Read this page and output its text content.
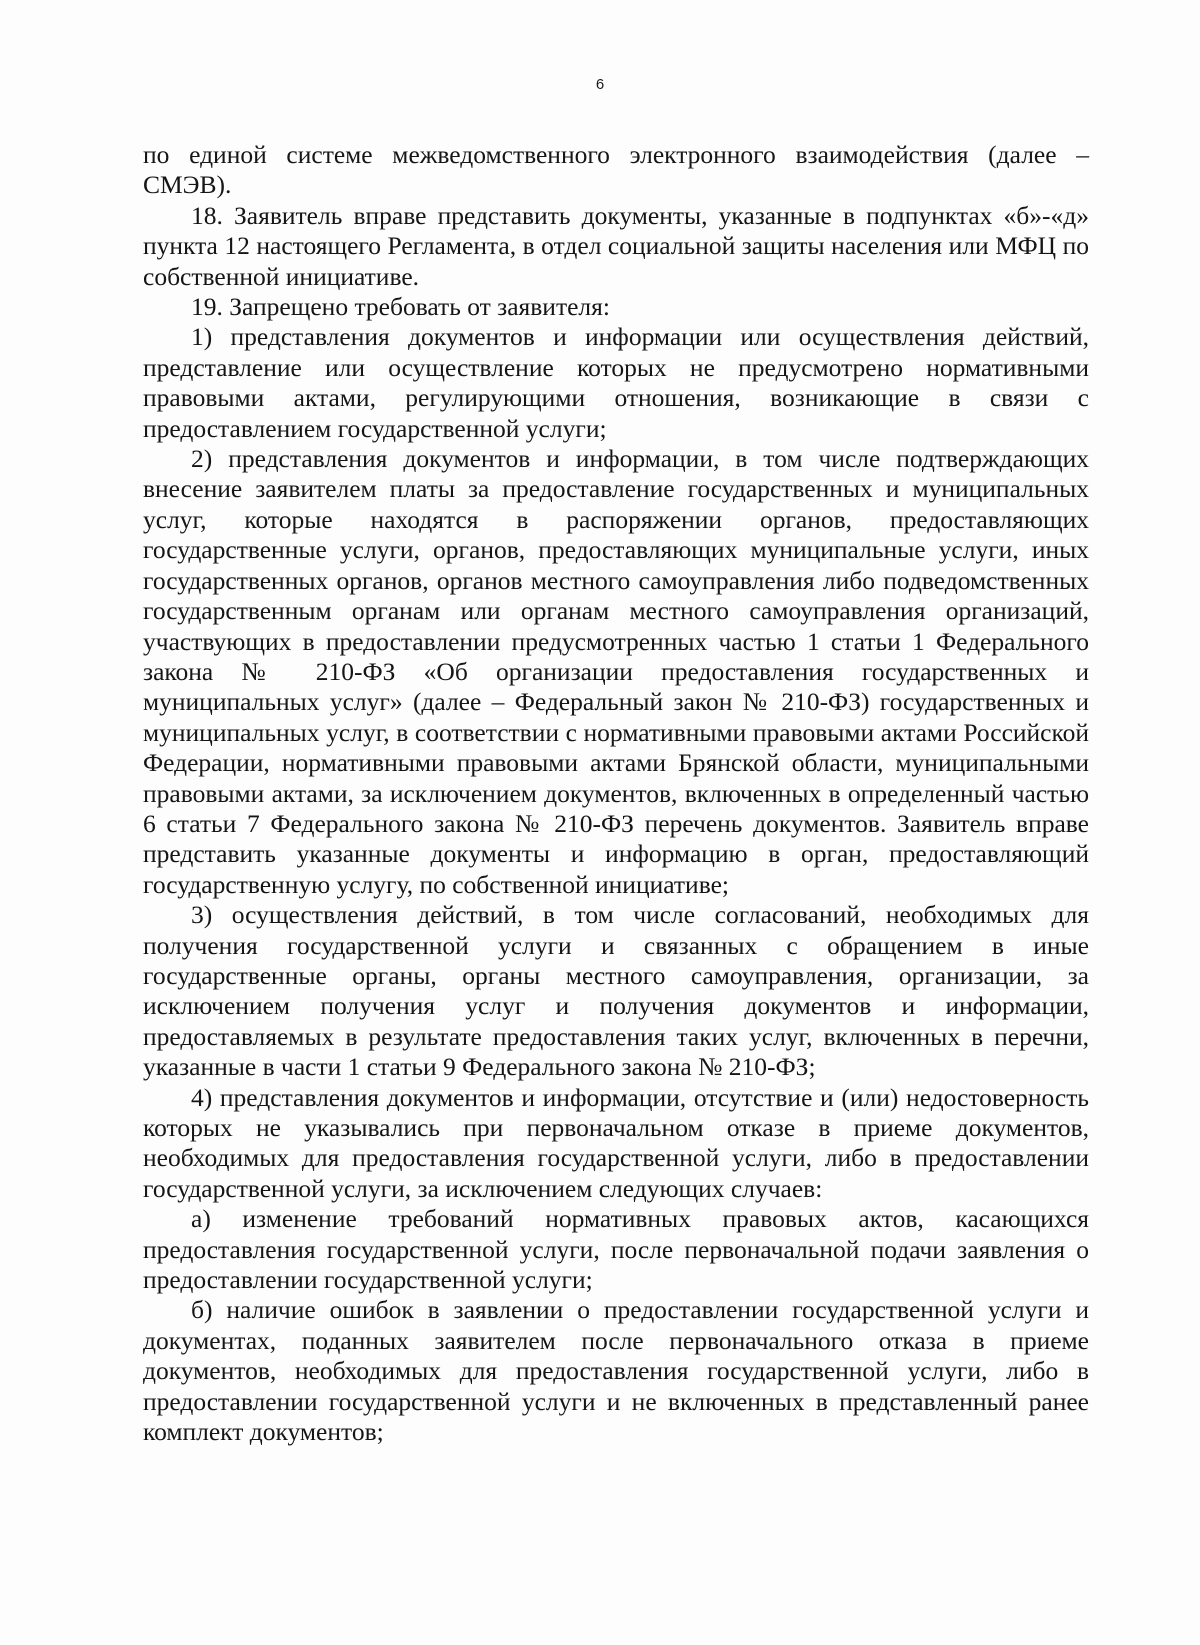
6

по единой системе межведомственного электронного взаимодействия (далее – СМЭВ).

18. Заявитель вправе представить документы, указанные в подпунктах «б»-«д» пункта 12 настоящего Регламента, в отдел социальной защиты населения или МФЦ по собственной инициативе.

19. Запрещено требовать от заявителя:

1) представления документов и информации или осуществления действий, представление или осуществление которых не предусмотрено нормативными правовыми актами, регулирующими отношения, возникающие в связи с предоставлением государственной услуги;

2) представления документов и информации, в том числе подтверждающих внесение заявителем платы за предоставление государственных и муниципальных услуг, которые находятся в распоряжении органов, предоставляющих государственные услуги, органов, предоставляющих муниципальные услуги, иных государственных органов, органов местного самоуправления либо подведомственных государственным органам или органам местного самоуправления организаций, участвующих в предоставлении предусмотренных частью 1 статьи 1 Федерального закона № 210-ФЗ «Об организации предоставления государственных и муниципальных услуг» (далее – Федеральный закон № 210-ФЗ) государственных и муниципальных услуг, в соответствии с нормативными правовыми актами Российской Федерации, нормативными правовыми актами Брянской области, муниципальными правовыми актами, за исключением документов, включенных в определенный частью 6 статьи 7 Федерального закона № 210-ФЗ перечень документов. Заявитель вправе представить указанные документы и информацию в орган, предоставляющий государственную услугу, по собственной инициативе;

3) осуществления действий, в том числе согласований, необходимых для получения государственной услуги и связанных с обращением в иные государственные органы, органы местного самоуправления, организации, за исключением получения услуг и получения документов и информации, предоставляемых в результате предоставления таких услуг, включенных в перечни, указанные в части 1 статьи 9 Федерального закона № 210-ФЗ;

4) представления документов и информации, отсутствие и (или) недостоверность которых не указывались при первоначальном отказе в приеме документов, необходимых для предоставления государственной услуги, либо в предоставлении государственной услуги, за исключением следующих случаев:

а) изменение требований нормативных правовых актов, касающихся предоставления государственной услуги, после первоначальной подачи заявления о предоставлении государственной услуги;

б) наличие ошибок в заявлении о предоставлении государственной услуги и документах, поданных заявителем после первоначального отказа в приеме документов, необходимых для предоставления государственной услуги, либо в предоставлении государственной услуги и не включенных в представленный ранее комплект документов;
